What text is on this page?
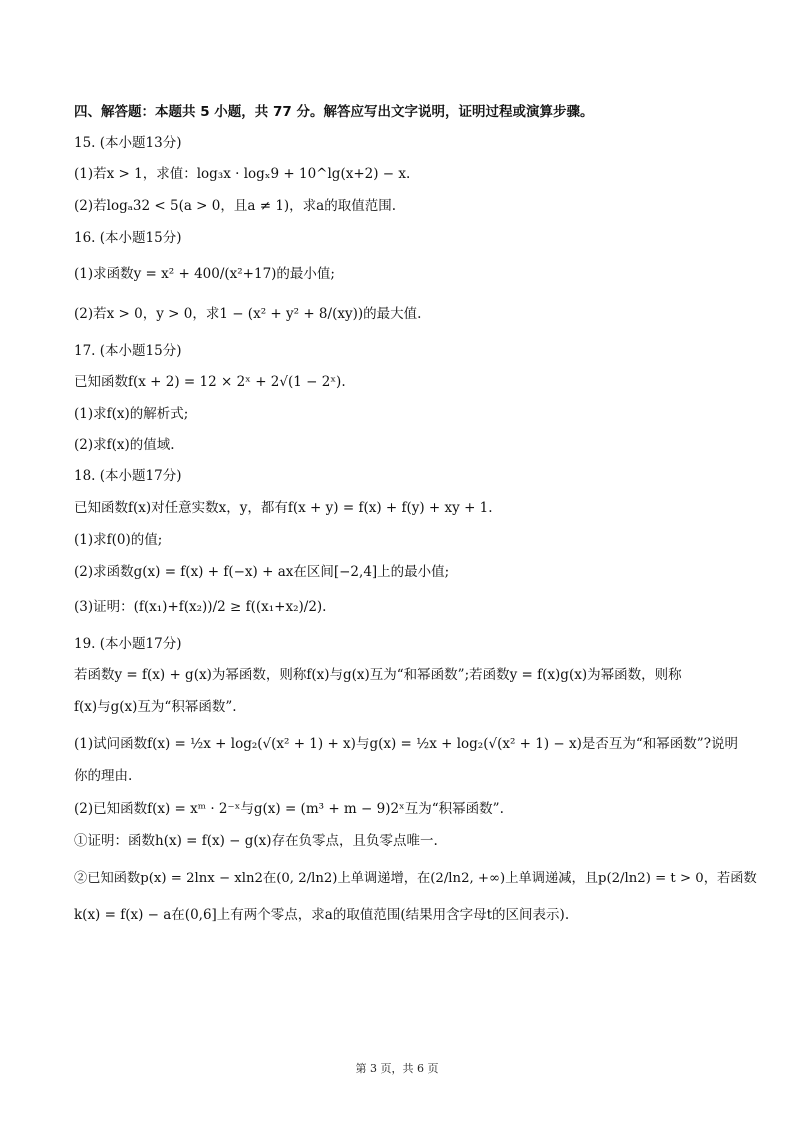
四、解答题：本题共 5 小题，共 77 分。解答应写出文字说明，证明过程或演算步骤。
15. (本小题13分)
(1)若x > 1，求值：log₃x · logₓ9 + 10^lg(x+2) − x.
(2)若logₐ32 < 5(a > 0，且a ≠ 1)，求a的取值范围.
16. (本小题15分)
(1)求函数y = x² + 400/(x²+17)的最小值;
(2)若x > 0，y > 0，求1 − (x² + y² + 8/(xy))的最大值.
17. (本小题15分)
已知函数f(x + 2) = 12 × 2ˣ + 2√(1 − 2ˣ).
(1)求f(x)的解析式;
(2)求f(x)的值域.
18. (本小题17分)
已知函数f(x)对任意实数x，y，都有f(x + y) = f(x) + f(y) + xy + 1.
(1)求f(0)的值;
(2)求函数g(x) = f(x) + f(−x) + ax在区间[−2,4]上的最小值;
(3)证明：(f(x₁)+f(x₂))/2 ≥ f((x₁+x₂)/2).
19. (本小题17分)
若函数y = f(x) + g(x)为幂函数，则称f(x)与g(x)互为“和幂函数”;若函数y = f(x)g(x)为幂函数，则称
f(x)与g(x)互为“积幂函数”.
(1)试问函数f(x) = ½x + log₂(√(x² + 1) + x)与g(x) = ½x + log₂(√(x² + 1) − x)是否互为“和幂函数”?说明
你的理由.
(2)已知函数f(x) = xᵐ · 2⁻ˣ与g(x) = (m³ + m − 9)2ˣ互为“积幂函数”.
①证明：函数h(x) = f(x) − g(x)存在负零点，且负零点唯一.
②已知函数p(x) = 2lnx − xln2在(0, 2/ln2)上单调递增，在(2/ln2, +∞)上单调递减，且p(2/ln2) = t > 0，若函数
k(x) = f(x) − a在(0,6]上有两个零点，求a的取值范围(结果用含字母t的区间表示).
第 3 页，共 6 页
